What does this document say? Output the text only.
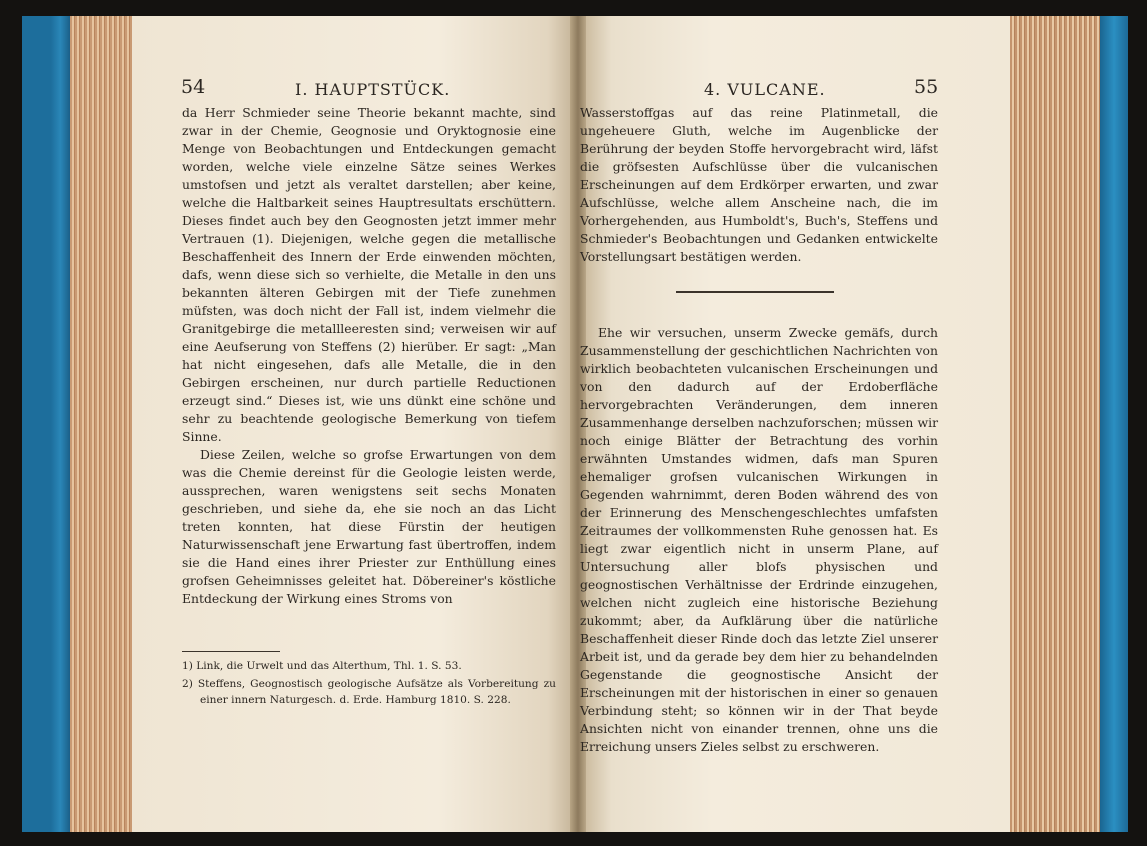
54	I. HAUPTSTÜCK.

da Herr Schmieder seine Theorie bekannt machte, sind zwar in der Chemie, Geognosie und Oryktognosie eine Menge von Beobachtungen und Entdeckungen gemacht worden, welche viele einzelne Sätze seines Werkes umstofsen und jetzt als veraltet darstellen; aber keine, welche die Haltbarkeit seines Hauptresultats erschüttern. Dieses findet auch bey den Geognosten jetzt immer mehr Vertrauen (1). Diejenigen, welche gegen die metallische Beschaffenheit des Innern der Erde einwenden möchten, dafs, wenn diese sich so verhielte, die Metalle in den uns bekannten älteren Gebirgen mit der Tiefe zunehmen müfsten, was doch nicht der Fall ist, indem vielmehr die Granitgebirge die metallleeresten sind; verweisen wir auf eine Aeufserung von Steffens (2) hierüber. Er sagt: „Man hat nicht eingesehen, dafs alle Metalle, die in den Gebirgen erscheinen, nur durch partielle Reductionen erzeugt sind.“ Dieses ist, wie uns dünkt eine schöne und sehr zu beachtende geologische Bemerkung von tiefem Sinne.

Diese Zeilen, welche so grofse Erwartungen von dem was die Chemie dereinst für die Geologie leisten werde, aussprechen, waren wenigstens seit sechs Monaten geschrieben, und siehe da, ehe sie noch an das Licht treten konnten, hat diese Fürstin der heutigen Naturwissenschaft jene Erwartung fast übertroffen, indem sie die Hand eines ihrer Priester zur Enthüllung eines grofsen Geheimnisses geleitet hat. Döbereiner's köstliche Entdeckung der Wirkung eines Stroms von

1) Link, die Urwelt und das Alterthum, Thl. 1. S. 53.

2) Steffens, Geognostisch geologische Aufsätze als Vorbereitung zu einer innern Naturgesch. d. Erde. Hamburg 1810. S. 228.

55
4. VULCANE.

Wasserstoffgas auf das reine Platinmetall, die ungeheuere Gluth, welche im Augenblicke der Berührung der beyden Stoffe hervorgebracht wird, läfst die gröfsesten Aufschlüsse über die vulcanischen Erscheinungen auf dem Erdkörper erwarten, und zwar Aufschlüsse, welche allem Anscheine nach, die im Vorhergehenden, aus Humboldt's, Buch's, Steffens und Schmieder's Beobachtungen und Gedanken entwickelte Vorstellungsart bestätigen werden.

Ehe wir versuchen, unserm Zwecke gemäfs, durch Zusammenstellung der geschichtlichen Nachrichten von wirklich beobachteten vulcanischen Erscheinungen und von den dadurch auf der Erdoberfläche hervorgebrachten Veränderungen, dem inneren Zusammenhange derselben nachzuforschen; müssen wir noch einige Blätter der Betrachtung des vorhin erwähnten Umstandes widmen, dafs man Spuren ehemaliger grofsen vulcanischen Wirkungen in Gegenden wahrnimmt, deren Boden während des von der Erinnerung des Menschengeschlechtes umfafsten Zeitraumes der vollkommensten Ruhe genossen hat. Es liegt zwar eigentlich nicht in unserm Plane, auf Untersuchung aller blofs physischen und geognostischen Verhältnisse der Erdrinde einzugehen, welchen nicht zugleich eine historische Beziehung zukommt; aber, da Aufklärung über die natürliche Beschaffenheit dieser Rinde doch das letzte Ziel unserer Arbeit ist, und da gerade bey dem hier zu behandelnden Gegenstande die geognostische Ansicht der Erscheinungen mit der historischen in einer so genauen Verbindung steht; so können wir in der That beyde Ansichten nicht von einander trennen, ohne uns die Erreichung unsers Zieles selbst zu erschweren.
